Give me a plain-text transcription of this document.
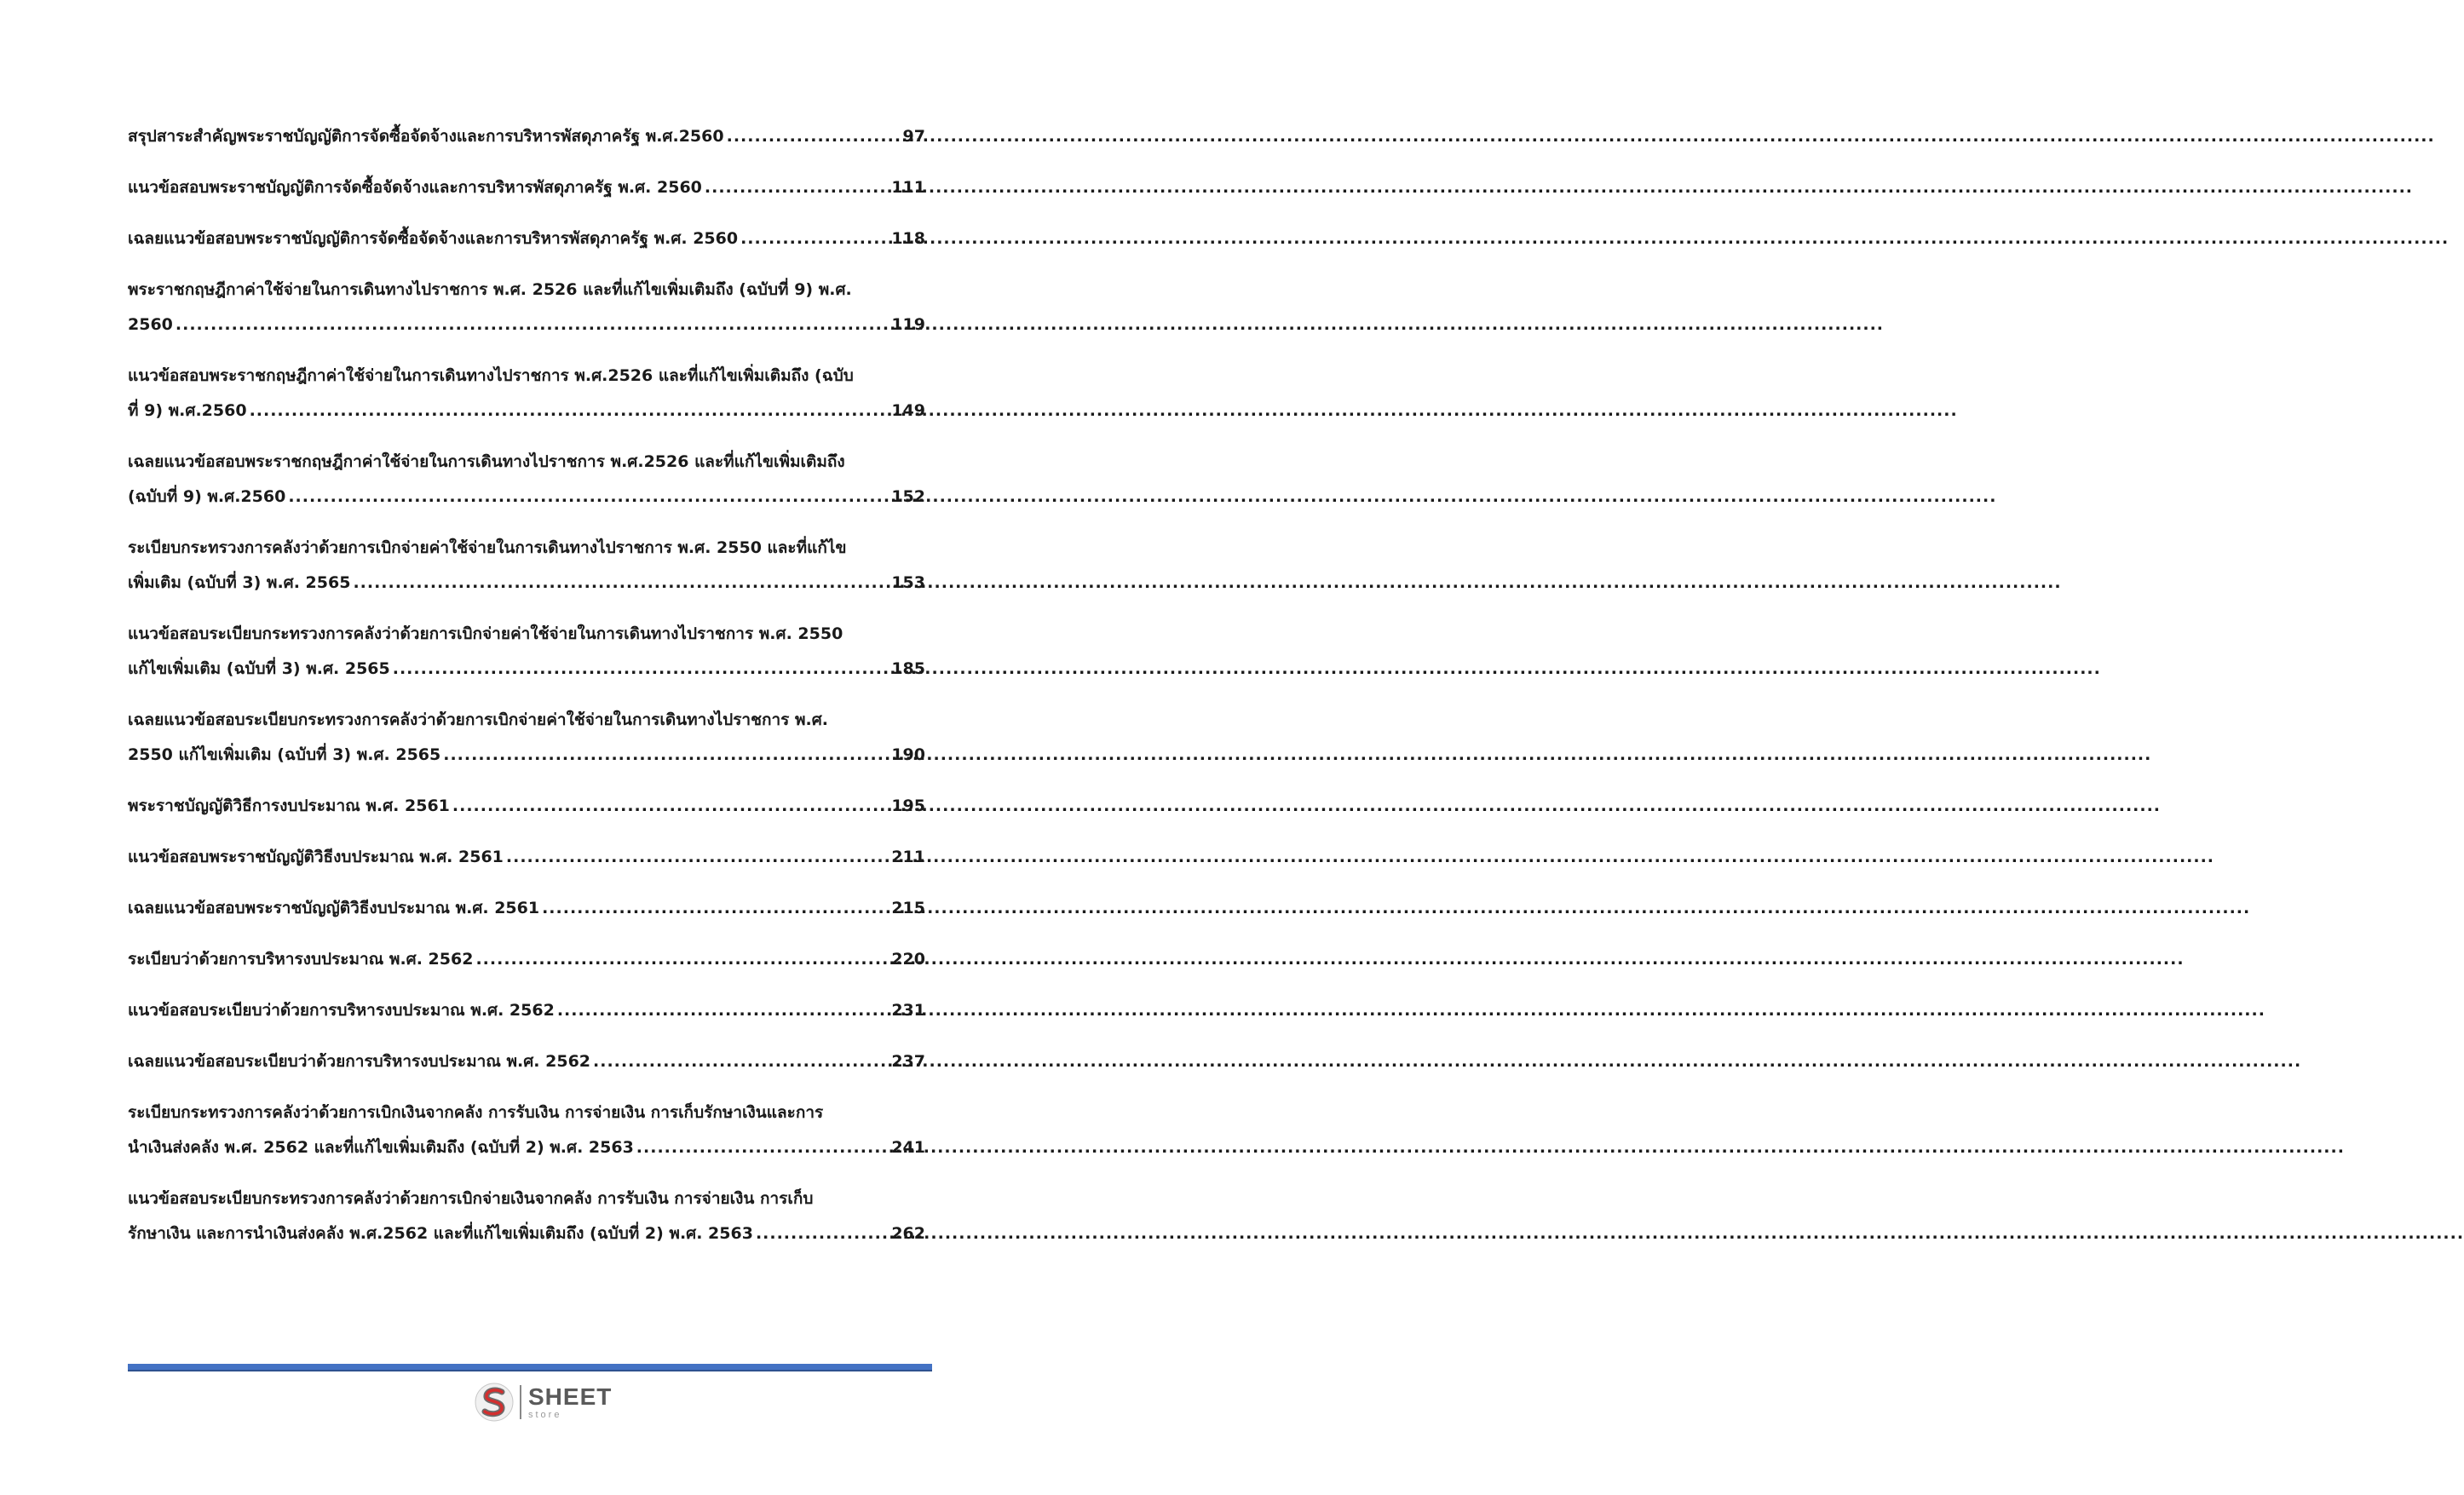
สรุปสาระสำคัญพระราชบัญญัติการจัดซื้อจัดจ้างและการบริหารพัสดุภาครัฐ พ.ศ.2560 .....	97
แนวข้อสอบพระราชบัญญัติการจัดซื้อจัดจ้างและการบริหารพัสดุภาครัฐ พ.ศ. 2560 .....	111
เฉลยแนวข้อสอบพระราชบัญญัติการจัดซื้อจัดจ้างและการบริหารพัสดุภาครัฐ พ.ศ. 2560 .....	118
พระราชกฤษฎีกาค่าใช้จ่ายในการเดินทางไปราชการ พ.ศ. 2526 และที่แก้ไขเพิ่มเติมถึง (ฉบับที่ 9) พ.ศ.
2560 .....	119
แนวข้อสอบพระราชกฤษฎีกาค่าใช้จ่ายในการเดินทางไปราชการ พ.ศ.2526 และที่แก้ไขเพิ่มเติมถึง (ฉบับ
ที่ 9) พ.ศ.2560 .....	149
เฉลยแนวข้อสอบพระราชกฤษฎีกาค่าใช้จ่ายในการเดินทางไปราชการ พ.ศ.2526 และที่แก้ไขเพิ่มเติมถึง
(ฉบับที่ 9) พ.ศ.2560 .....	152
ระเบียบกระทรวงการคลังว่าด้วยการเบิกจ่ายค่าใช้จ่ายในการเดินทางไปราชการ พ.ศ. 2550 และที่แก้ไข
เพิ่มเติม (ฉบับที่ 3) พ.ศ. 2565 .....	153
แนวข้อสอบระเบียบกระทรวงการคลังว่าด้วยการเบิกจ่ายค่าใช้จ่ายในการเดินทางไปราชการ พ.ศ. 2550
แก้ไขเพิ่มเติม (ฉบับที่ 3) พ.ศ. 2565 .....	185
เฉลยแนวข้อสอบระเบียบกระทรวงการคลังว่าด้วยการเบิกจ่ายค่าใช้จ่ายในการเดินทางไปราชการ พ.ศ.
2550 แก้ไขเพิ่มเติม (ฉบับที่ 3) พ.ศ. 2565 .....	190
พระราชบัญญัติวิธีการงบประมาณ พ.ศ. 2561 .....	195
แนวข้อสอบพระราชบัญญัติวิธีงบประมาณ พ.ศ. 2561 .....	211
เฉลยแนวข้อสอบพระราชบัญญัติวิธีงบประมาณ พ.ศ. 2561 .....	215
ระเบียบว่าด้วยการบริหารงบประมาณ พ.ศ. 2562 .....	220
แนวข้อสอบระเบียบว่าด้วยการบริหารงบประมาณ พ.ศ. 2562 .....	231
เฉลยแนวข้อสอบระเบียบว่าด้วยการบริหารงบประมาณ พ.ศ. 2562 .....	237
ระเบียบกระทรวงการคลังว่าด้วยการเบิกเงินจากคลัง การรับเงิน การจ่ายเงิน การเก็บรักษาเงินและการ
นำเงินส่งคลัง พ.ศ. 2562 และที่แก้ไขเพิ่มเติมถึง (ฉบับที่ 2) พ.ศ. 2563 .....	241
แนวข้อสอบระเบียบกระทรวงการคลังว่าด้วยการเบิกจ่ายเงินจากคลัง การรับเงิน การจ่ายเงิน การเก็บ
รักษาเงิน และการนำเงินส่งคลัง พ.ศ.2562 และที่แก้ไขเพิ่มเติมถึง (ฉบับที่ 2) พ.ศ. 2563 .....	262
SHEET
store
